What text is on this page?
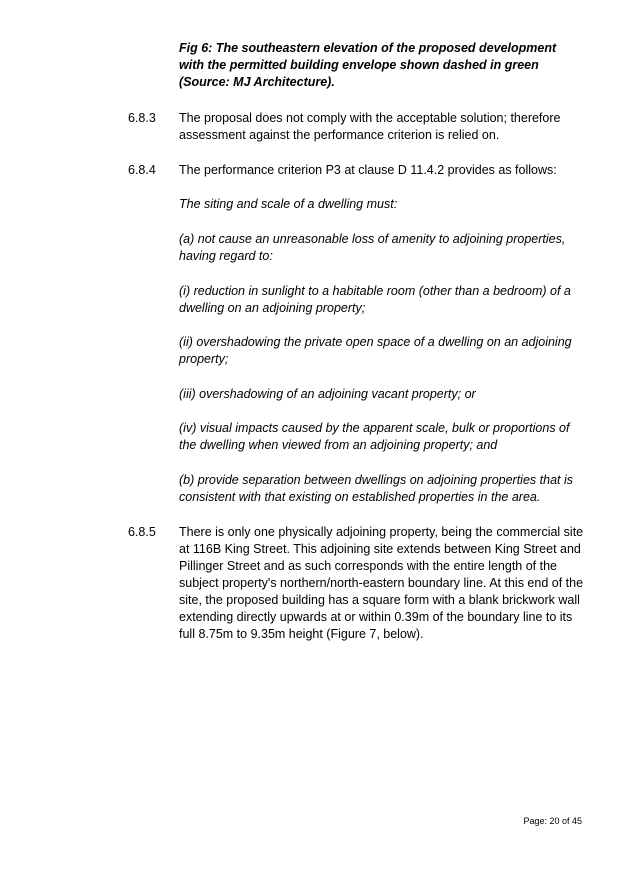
Fig 6: The southeastern elevation of the proposed development with the permitted building envelope shown dashed in green (Source: MJ Architecture).
6.8.3 The proposal does not comply with the acceptable solution; therefore assessment against the performance criterion is relied on.
6.8.4 The performance criterion P3 at clause D 11.4.2 provides as follows:
The siting and scale of a dwelling must:
(a) not cause an unreasonable loss of amenity to adjoining properties, having regard to:
(i) reduction in sunlight to a habitable room (other than a bedroom) of a dwelling on an adjoining property;
(ii) overshadowing the private open space of a dwelling on an adjoining property;
(iii) overshadowing of an adjoining vacant property; or
(iv) visual impacts caused by the apparent scale, bulk or proportions of the dwelling when viewed from an adjoining property; and
(b) provide separation between dwellings on adjoining properties that is consistent with that existing on established properties in the area.
6.8.5 There is only one physically adjoining property, being the commercial site at 116B King Street. This adjoining site extends between King Street and Pillinger Street and as such corresponds with the entire length of the subject property's northern/north-eastern boundary line. At this end of the site, the proposed building has a square form with a blank brickwork wall extending directly upwards at or within 0.39m of the boundary line to its full 8.75m to 9.35m height (Figure 7, below).
Page: 20 of 45
